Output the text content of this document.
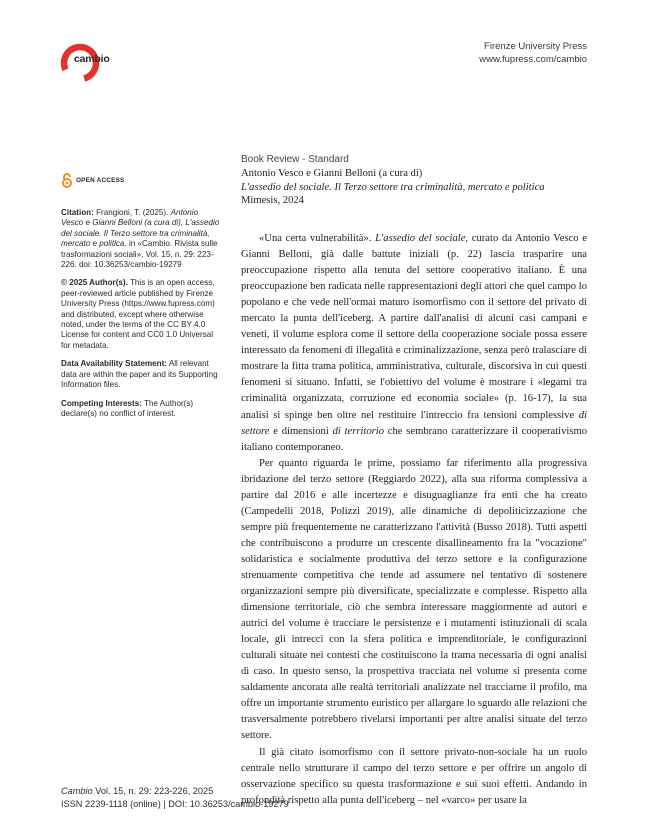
cambio
Firenze University Press
www.fupress.com/cambio
OPEN ACCESS
Citation: Frangioni, T. (2025). Antonio Vesco e Gianni Belloni (a cura di), L'assedio del sociale. Il Terzo settore tra criminalità, mercato e politica, in «Cambio. Rivista sulle trasformazioni sociali», Vol. 15, n. 29: 223-226. doi: 10.36253/cambio-19279
© 2025 Author(s). This is an open access, peer-reviewed article published by Firenze University Press (https://www.fupress.com) and distributed, except where otherwise noted, under the terms of the CC BY 4.0 License for content and CC0 1.0 Universal for metadata.
Data Availability Statement: All relevant data are within the paper and its Supporting Information files.
Competing Interests: The Author(s) declare(s) no conflict of interest.
Book Review - Standard
Antonio Vesco e Gianni Belloni (a cura di)
L'assedio del sociale. Il Terzo settore tra criminalità, mercato e politica
Mimesis, 2024

«Una certa vulnerabilità». L'assedio del sociale, curato da Antonio Vesco e Gianni Belloni, già dalle battute iniziali (p. 22) lascia trasparire una preoccupazione rispetto alla tenuta del settore cooperativo italiano. È una preoccupazione ben radicata nelle rappresentazioni degli attori che quel campo lo popolano e che vede nell'ormai maturo isomorfismo con il settore del privato di mercato la punta dell'iceberg. A partire dall'analisi di alcuni casi campani e veneti, il volume esplora come il settore della cooperazione sociale possa essere interessato da fenomeni di illegalità e criminalizzazione, senza però tralasciare di mostrare la fitta trama politica, amministrativa, culturale, discorsiva in cui questi fenomeni si situano. Infatti, se l'obiettivo del volume è mostrare i «legami tra criminalità organizzata, corruzione ed economia sociale» (p. 16-17), la sua analisi si spinge ben oltre nel restituire l'intreccio fra tensioni complessive di settore e dimensioni di territorio che sembrano caratterizzare il cooperativismo italiano contemporaneo.

Per quanto riguarda le prime, possiamo far riferimento alla progressiva ibridazione del terzo settore (Reggiardo 2022), alla sua riforma complessiva a partire dal 2016 e alle incertezze e disuguaglianze fra enti che ha creato (Campedelli 2018, Polizzi 2019), alle dinamiche di depoliticizzazione che sempre più frequentemente ne caratterizzano l'attività (Busso 2018). Tutti aspetti che contribuiscono a produrre un crescente disallineamento fra la "vocazione" solidaristica e socialmente produttiva del terzo settore e la configurazione strenuamente competitiva che tende ad assumere nel tentativo di sostenere organizzazioni sempre più diversificate, specializzate e complesse. Rispetto alla dimensione territoriale, ciò che sembra interessare maggiormente ad autori e autrici del volume è tracciare le persistenze e i mutamenti istituzionali di scala locale, gli intrecci con la sfera politica e imprenditoriale, le configurazioni culturali situate nei contesti che costituiscono la trama necessaria di ogni analisi di caso. In questo senso, la prospettiva tracciata nel volume si presenta come saldamente ancorata alle realtà territoriali analizzate nel tracciarne il profilo, ma offre un importante strumento euristico per allargare lo sguardo alle relazioni che trasversalmente potrebbero rivelarsi importanti per altre analisi situate del terzo settore.

Il già citato isomorfismo con il settore privato-non-sociale ha un ruolo centrale nello strutturare il campo del terzo settore e per offrire un angolo di osservazione specifico su questa trasformazione e sui suoi effetti. Andando in profondità rispetto alla punta dell'iceberg – nel «varco» per usare la

Cambio Vol. 15, n. 29: 223-226, 2025
ISSN 2239-1118 (online) | DOI: 10.36253/cambio-19279
